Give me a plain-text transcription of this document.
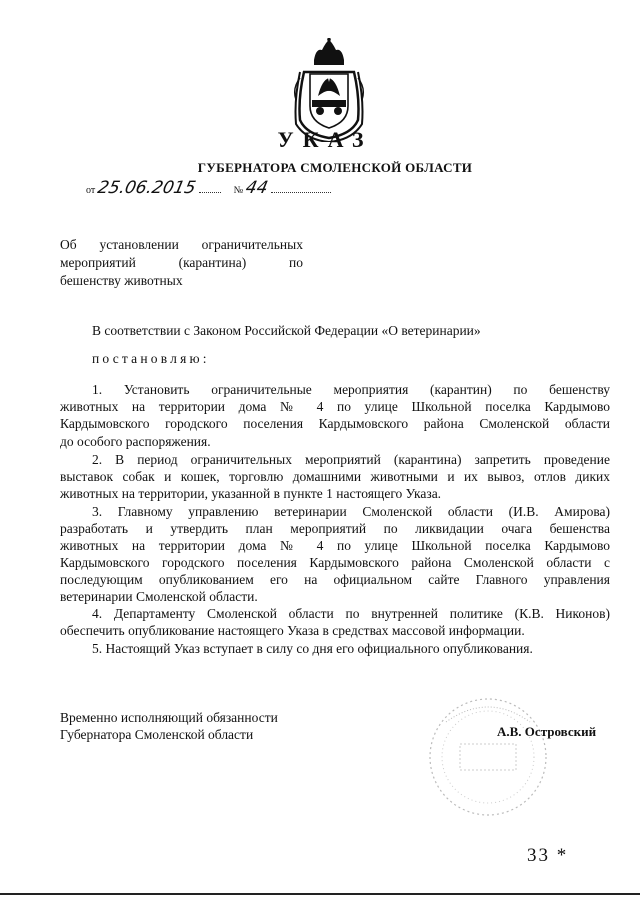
УКАЗ
ГУБЕРНАТОРА СМОЛЕНСКОЙ ОБЛАСТИ
от 25.06.2015	№ 44
Об установлении ограничительных
мероприятий	(карантина)	по
бешенству животных
В соответствии с Законом Российской Федерации «О ветеринарии»
постановляю:
1. Установить ограничительные мероприятия (карантин) по бешенству
животных на территории дома № 4 по улице Школьной поселка Кардымово
Кардымовского городского поселения Кардымовского района Смоленской области
до особого распоряжения.
2. В период ограничительных мероприятий (карантина) запретить проведение
выставок собак и кошек, торговлю домашними животными и их вывоз, отлов диких
животных на территории, указанной в пункте 1 настоящего Указа.
3. Главному управлению ветеринарии Смоленской области (И.В. Амирова)
разработать и утвердить план мероприятий по ликвидации очага бешенства
животных на территории дома № 4 по улице Школьной поселка Кардымово
Кардымовского городского поселения Кардымовского района Смоленской области с
последующим опубликованием его на официальном сайте Главного управления
ветеринарии Смоленской области.
4. Департаменту Смоленской области по внутренней политике (К.В. Никонов)
обеспечить опубликование настоящего Указа в средствах массовой информации.
5. Настоящий Указ вступает в силу со дня его официального опубликования.
Временно исполняющий обязанности
Губернатора Смоленской области	А.В. Островский
33 *
